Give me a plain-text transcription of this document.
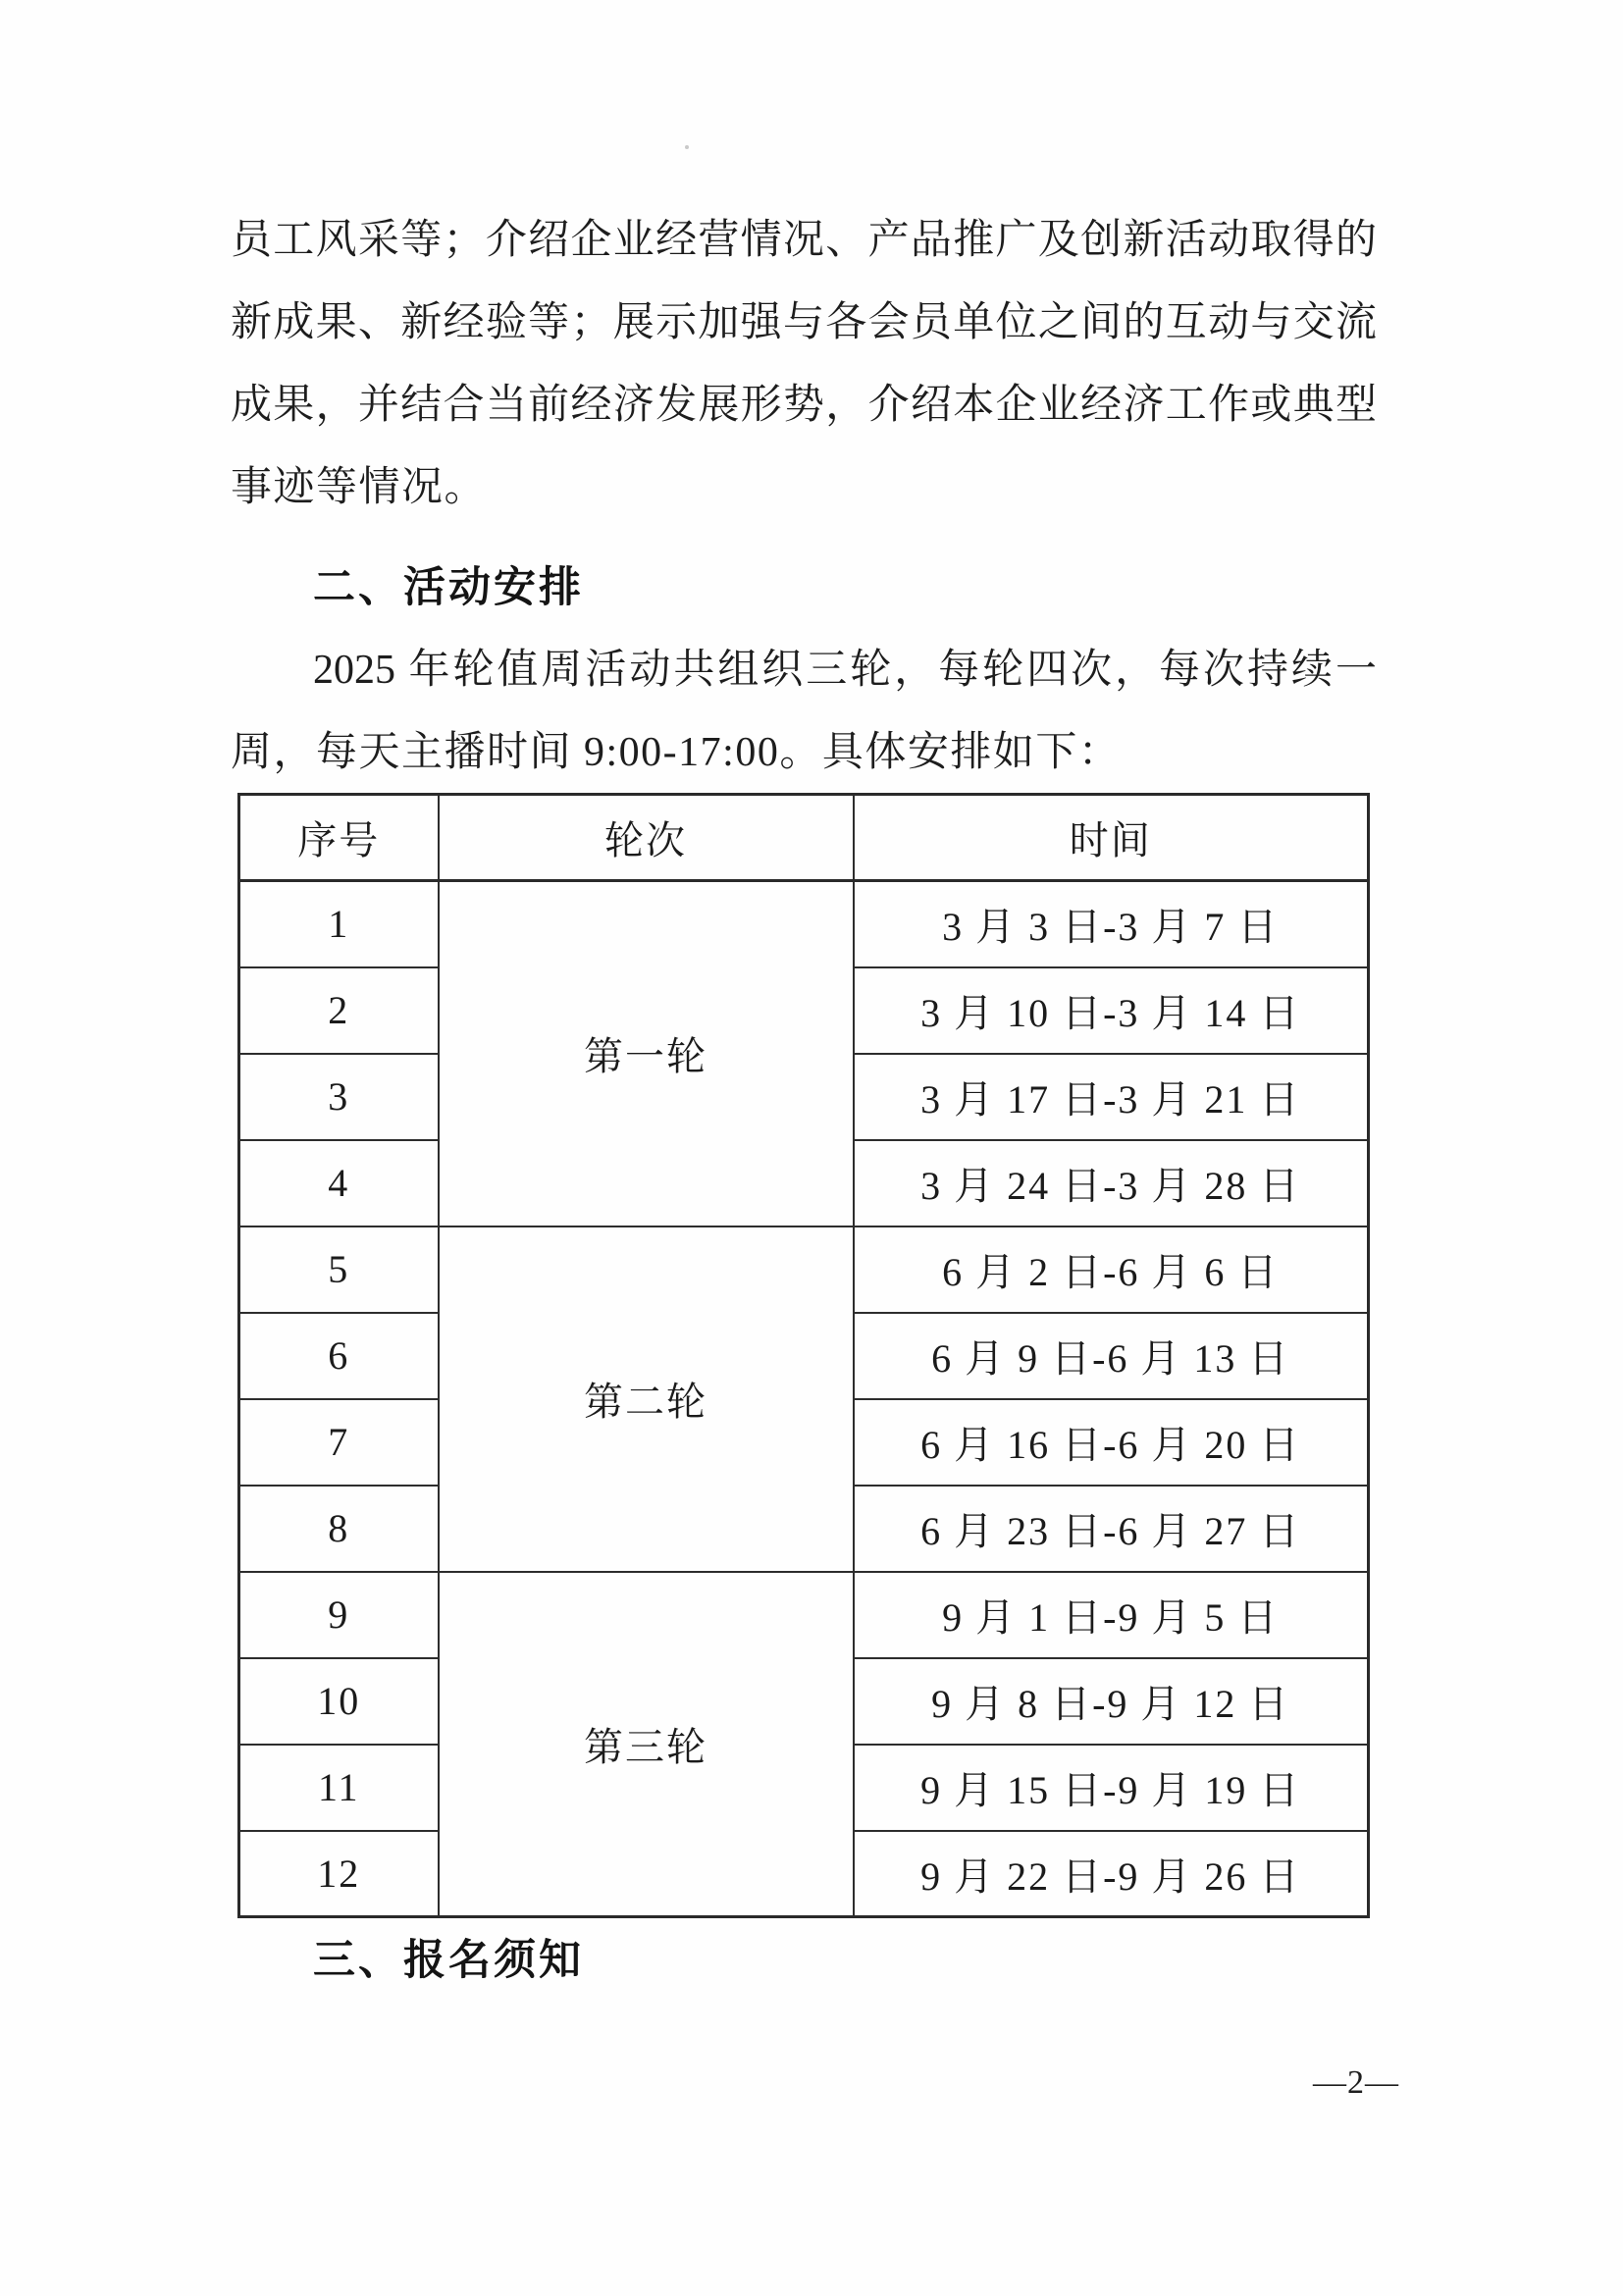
员工风采等；介绍企业经营情况、产品推广及创新活动取得的
新成果、新经验等；展示加强与各会员单位之间的互动与交流
成果，并结合当前经济发展形势，介绍本企业经济工作或典型
事迹等情况。
二、活动安排
2025 年轮值周活动共组织三轮，每轮四次，每次持续一
周，每天主播时间 9:00-17:00。具体安排如下：
序号	轮次	时间
1	第一轮	3 月 3 日-3 月 7 日
2		3 月 10 日-3 月 14 日
3		3 月 17 日-3 月 21 日
4		3 月 24 日-3 月 28 日
5	第二轮	6 月 2 日-6 月 6 日
6		6 月 9 日-6 月 13 日
7		6 月 16 日-6 月 20 日
8		6 月 23 日-6 月 27 日
9	第三轮	9 月 1 日-9 月 5 日
10		9 月 8 日-9 月 12 日
11		9 月 15 日-9 月 19 日
12		9 月 22 日-9 月 26 日
三、报名须知
—2—
